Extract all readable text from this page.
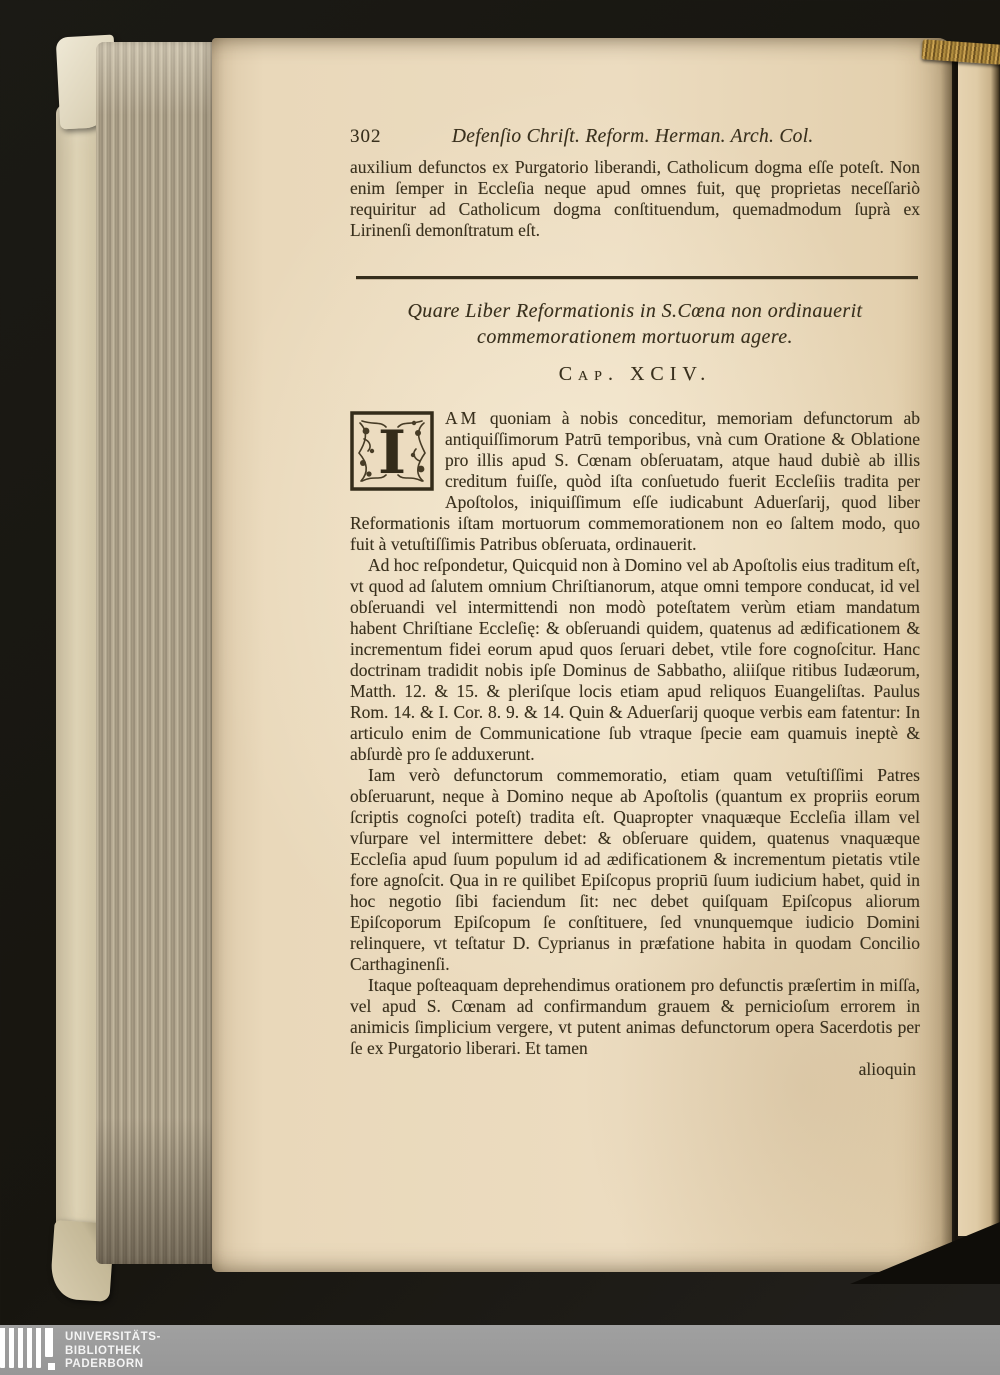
302	Defenſio Chriſt. Reform. Herman. Arch. Col.

auxilium defunctos ex Purgatorio liberandi, Catholicum dogma eſſe poteſt. Non enim ſemper in Eccleſia neque apud omnes fuit, quę proprietas neceſſariò requiritur ad Catholicum dogma conſtituendum, quemadmodum ſuprà ex Lirinenſi demonſtratum eſt.

Quare Liber Reformationis in S.Cœna non ordinauerit
commemorationem mortuorum agere.
Cap. XCIV.

I	AM quoniam à nobis conceditur, memoriam defunctorum ab antiquiſſimorum Patrū temporibus, vnà cum Oratione & Oblatione pro illis apud S. Cœnam obſeruatam, atque haud dubiè ab illis creditum fuiſſe, quòd iſta conſuetudo fuerit Eccleſiis tradita per Apoſtolos, iniquiſſimum eſſe iudicabunt Aduerſarij, quod liber Reformationis iſtam mortuorum commemorationem non eo ſaltem modo, quo fuit à vetuſtiſſimis Patribus obſeruata, ordinauerit.

Ad hoc reſpondetur, Quicquid non à Domino vel ab Apoſtolis eius traditum eſt, vt quod ad ſalutem omnium Chriſtianorum, atque omni tempore conducat, id vel obſeruandi vel intermittendi non modò poteſtatem verùm etiam mandatum habent Chriſtiane Eccleſię: & obſeruandi quidem, quatenus ad ædificationem & incrementum fidei eorum apud quos ſeruari debet, vtile fore cognoſcitur. Hanc doctrinam tradidit nobis ipſe Dominus de Sabbatho, aliiſque ritibus Iudæorum, Matth. 12. & 15. & pleriſque locis etiam apud reliquos Euangeliſtas. Paulus Rom. 14. & I. Cor. 8. 9. & 14. Quin & Aduerſarij quoque verbis eam fatentur: In articulo enim de Communicatione ſub vtraque ſpecie eam quamuis ineptè & abſurdè pro ſe adduxerunt.

Iam verò defunctorum commemoratio, etiam quam vetuſtiſſimi Patres obſeruarunt, neque à Domino neque ab Apoſtolis (quantum ex propriis eorum ſcriptis cognoſci poteſt) tradita eſt. Quapropter vnaquæque Eccleſia illam vel vſurpare vel intermittere debet: & obſeruare quidem, quatenus vnaquæque Eccleſia apud ſuum populum id ad ædificationem & incrementum pietatis vtile fore agnoſcit. Qua in re quilibet Epiſcopus propriū ſuum iudicium habet, quid in hoc negotio ſibi faciendum ſit: nec debet quiſquam Epiſcopus aliorum Epiſcoporum Epiſcopum ſe conſtituere, ſed vnunquemque iudicio Domini relinquere, vt teſtatur D. Cyprianus in præfatione habita in quodam Concilio Carthaginenſi.

Itaque poſteaquam deprehendimus orationem pro defunctis præſertim in miſſa, vel apud S. Cœnam ad confirmandum grauem & pernicioſum errorem in animicis ſimplicium vergere, vt putent animas defunctorum opera Sacerdotis per ſe ex Purgatorio liberari. Et tamen

alioquin
UNIVERSITÄTS-
BIBLIOTHEK
PADERBORN
